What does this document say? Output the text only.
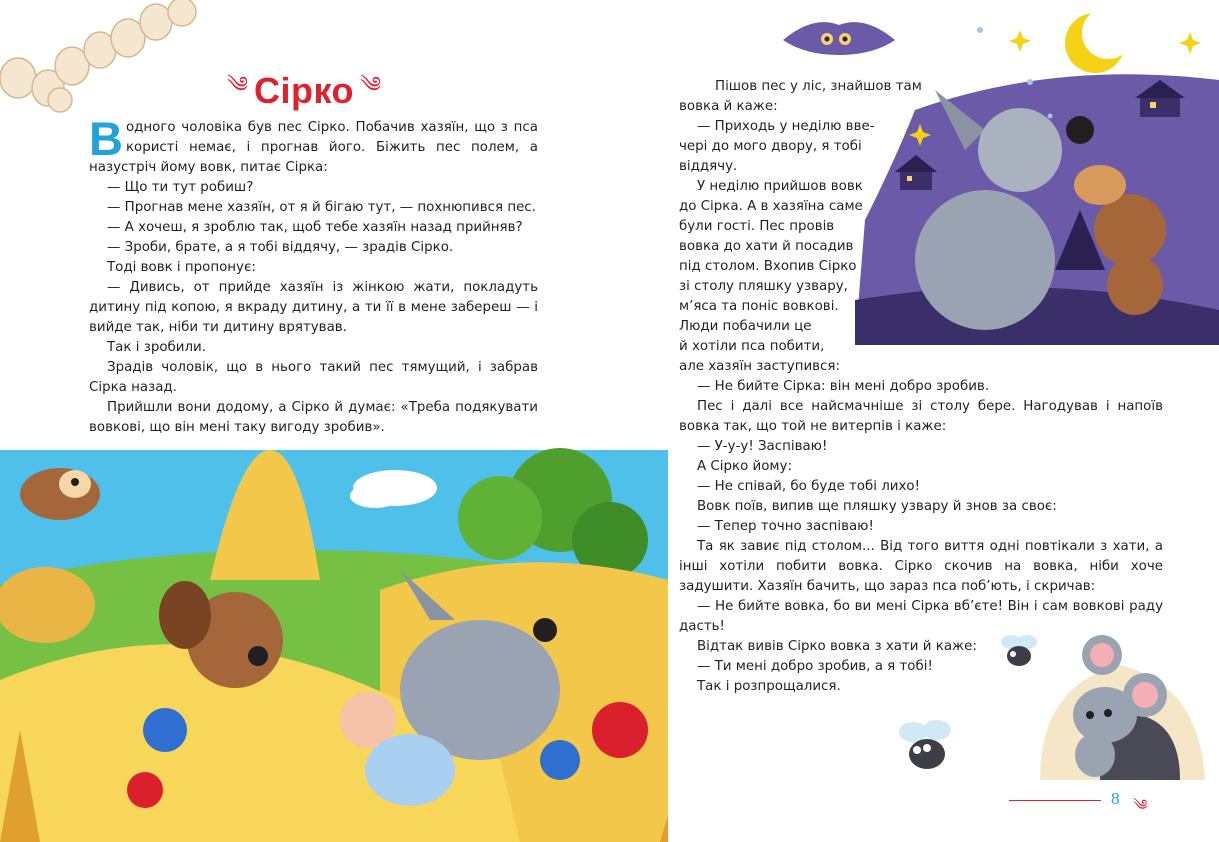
༄ Сірко ༄

Водного чоловіка був пес Сірко. Побачив хазяїн, що з пса користі немає, і прогнав його. Біжить пес полем, а назустріч йому вовк, питає Сірка:

— Що ти тут робиш?

— Прогнав мене хазяїн, от я й бігаю тут, — похнюпився пес.

— А хочеш, я зроблю так, щоб тебе хазяїн назад прийняв?

— Зроби, брате, а я тобі віддячу, — зрадів Сірко.

Тоді вовк і пропонує:

— Дивись, от прийде хазяїн із жінкою жати, покладуть дитину під копою, я вкраду дитину, а ти її в мене забереш — і вийде так, ніби ти дитину врятував.

Так і зробили.

Зрадів чоловік, що в нього такий пес тямущий, і забрав Сірка назад.

Прийшли вони додому, а Сірко й думає: «Треба подякувати вовкові, що він мені таку вигоду зробив».

Пішов пес у ліс, знайшов там
вовка й каже:
— Приходь у неділю вве-
чері до мого двору, я тобі
віддячу.
У неділю прийшов вовк
до Сірка. А в хазяїна саме
були гості. Пес провів
вовка до хати й посадив
під столом. Вхопив Сірко
зі столу пляшку узвару,
м’яса та поніс вовкові.
Люди побачили це
й хотіли пса побити,
але хазяїн заступився:
— Не бийте Сірка: він мені добро зробив.

Пес і далі все найсмачніше зі столу бере. Нагодував і напоїв вовка так, що той не витерпів і каже:

— У-у-у! Заспіваю!

А Сірко йому:

— Не співай, бо буде тобі лихо!

Вовк поїв, випив ще пляшку узвару й знов за своє:

— Тепер точно заспіваю!

Та як завиє під столом... Від того виття одні повтікали з хати, а інші хотіли побити вовка. Сірко скочив на вовка, ніби хоче задушити. Хазяїн бачить, що зараз пса поб’ють, і скричав:

— Не бийте вовка, бо ви мені Сірка вб’єте! Він і сам вовкові раду дасть!

Відтак вивів Сірко вовка з хати й каже:

— Ти мені добро зробив, а я тобі!

Так і розпрощалися.

8 ༄
